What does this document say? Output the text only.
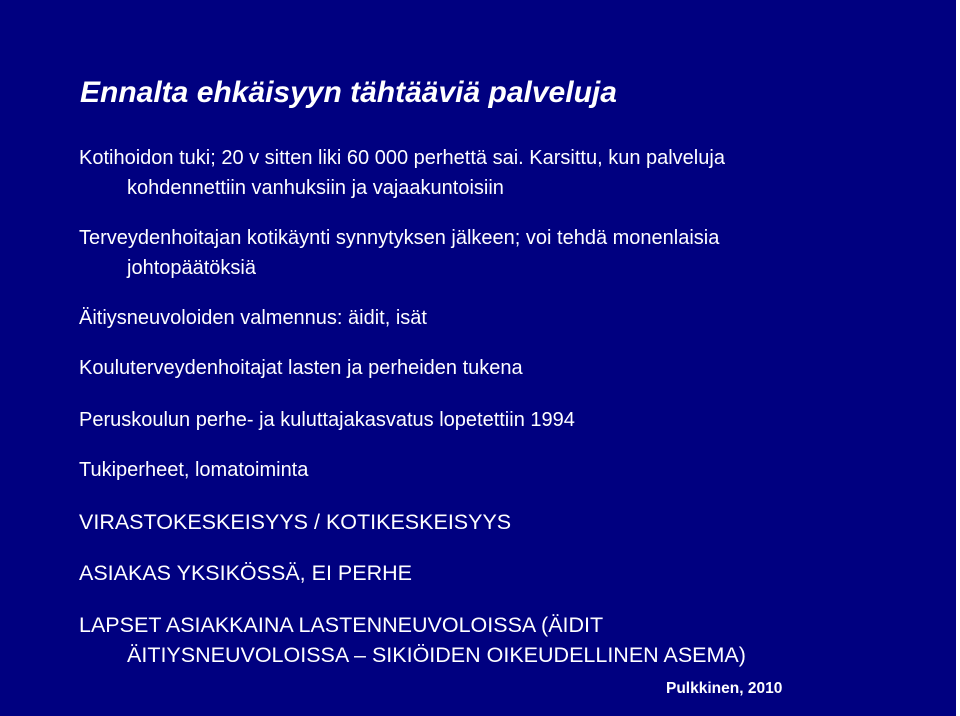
Ennalta ehkäisyyn tähtääviä palveluja
Kotihoidon tuki; 20 v sitten liki 60 000 perhettä sai. Karsittu, kun palveluja
kohdennettiin vanhuksiin ja vajaakuntoisiin
Terveydenhoitajan kotikäynti synnytyksen jälkeen; voi tehdä monenlaisia
johtopäätöksiä
Äitiysneuvoloiden valmennus: äidit, isät
Kouluterveydenhoitajat lasten ja perheiden tukena
Peruskoulun perhe- ja kuluttajakasvatus lopetettiin 1994
Tukiperheet, lomatoiminta
VIRASTOKESKEISYYS / KOTIKESKEISYYS
ASIAKAS YKSIKÖSSÄ, EI PERHE
LAPSET ASIAKKAINA LASTENNEUVOLOISSA (ÄIDIT
ÄITIYSNEUVOLOISSA – SIKIÖIDEN OIKEUDELLINEN ASEMA)
Pulkkinen, 2010
